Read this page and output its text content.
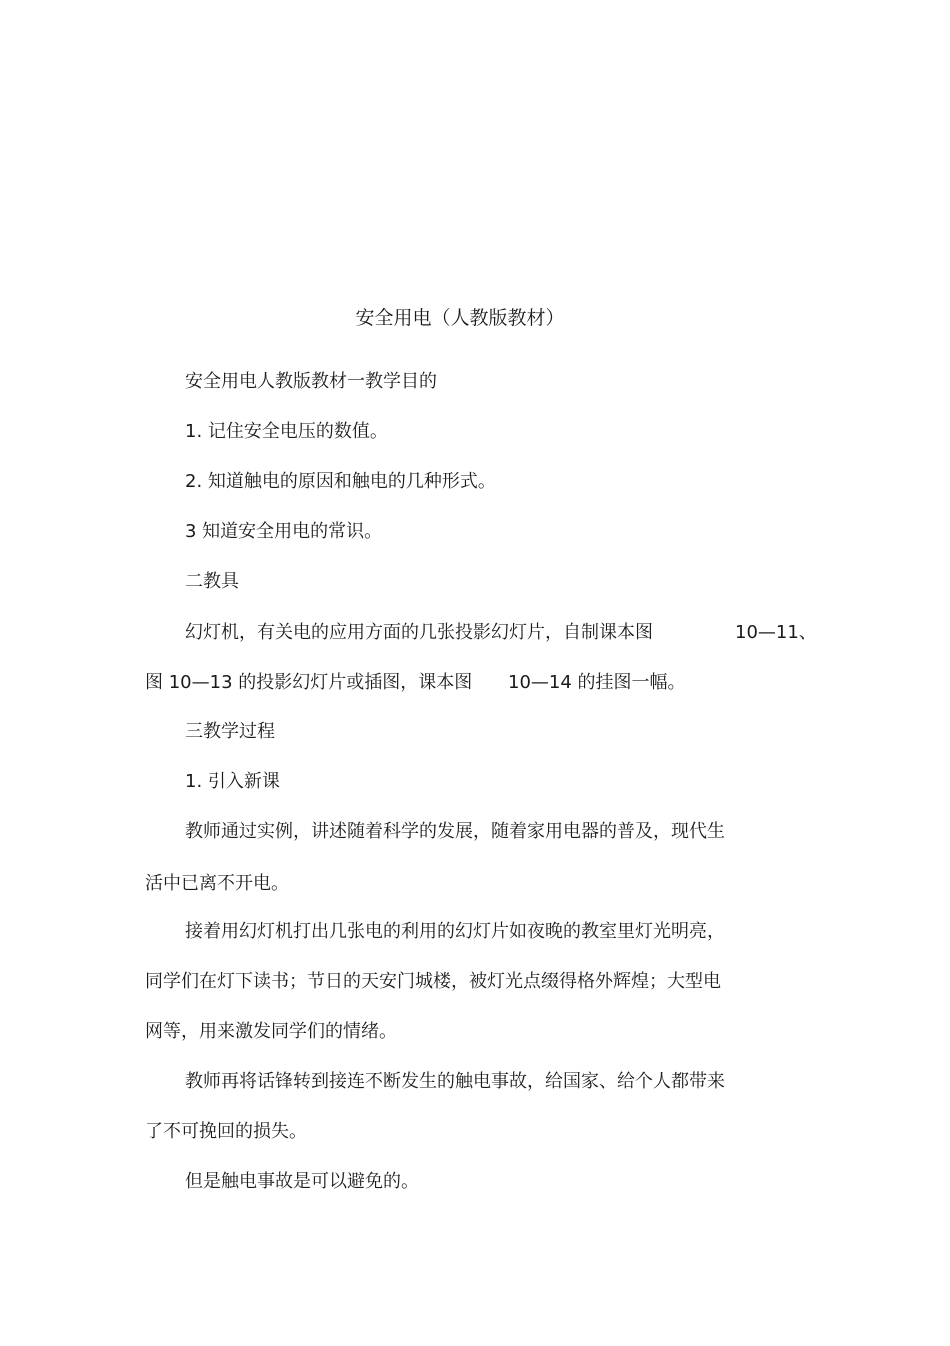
安全用电（人教版教材）
安全用电人教版教材一教学目的
1. 记住安全电压的数值。
2. 知道触电的原因和触电的几种形式。
3 知道安全用电的常识。
二教具
幻灯机，有关电的应用方面的几张投影幻灯片，自制课本图	10—11、
图 10—13 的投影幻灯片或插图，课本图 10—14 的挂图一幅。
三教学过程
1. 引入新课
教师通过实例，讲述随着科学的发展，随着家用电器的普及，现代生
活中已离不开电。
接着用幻灯机打出几张电的利用的幻灯片如夜晚的教室里灯光明亮，
同学们在灯下读书；节日的天安门城楼，被灯光点缀得格外辉煌；大型电
网等，用来激发同学们的情绪。
教师再将话锋转到接连不断发生的触电事故，给国家、给个人都带来
了不可挽回的损失。
但是触电事故是可以避免的。
